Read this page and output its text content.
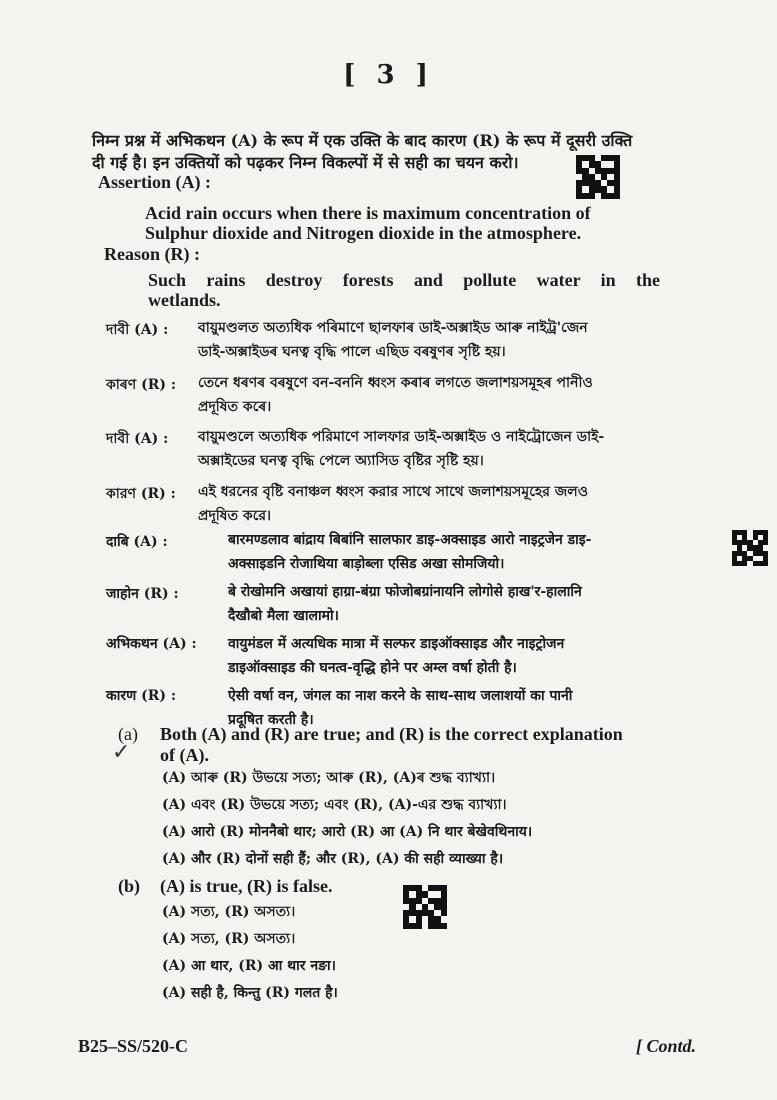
[ 3 ]
निम्न प्रश्न में अभिकथन (A) के रूप में एक उक्ति के बाद कारण (R) के रूप में दूसरी उक्ति
दी गई है। इन उक्तियों को पढ़कर निम्न विकल्पों में से सही का चयन करो।
Assertion (A) :
Acid rain occurs when there is maximum concentration of
Sulphur dioxide and Nitrogen dioxide in the atmosphere.
Reason (R) :
Such rains destroy forests and pollute water in the
wetlands.
দাবী (A) : বায়ুমণ্ডলত অত্যধিক পৰিমাণে ছালফাৰ ডাই-অক্সাইড আৰু নাইট্ৰ'জেন
ডাই-অক্সাইডৰ ঘনত্ব বৃদ্ধি পালে এছিড বৰষুণৰ সৃষ্টি হয়।
কাৰণ (R) : তেনে ধৰণৰ বৰষুণে বন-বননি ধ্বংস কৰাৰ লগতে জলাশয়সমূহৰ পানীও
প্ৰদূষিত কৰে।
দাবী (A) : বায়ুমণ্ডলে অত্যধিক পরিমাণে সালফার ডাই-অক্সাইড ও নাইট্রোজেন ডাই-
অক্সাইডের ঘনত্ব বৃদ্ধি পেলে অ্যাসিড বৃষ্টির সৃষ্টি হয়।
কারণ (R) : এই ধরনের বৃষ্টি বনাঞ্চল ধ্বংস করার সাথে সাথে জলাশয়সমূহের জলও
প্রদূষিত করে।
दाबि (A) :	बारमण्डलाव बांद्राय बिबांनि सालफार डाइ-अक्साइड आरो नाइट्रजेन डाइ-
अक्साइडनि रोजाथिया बाड़ोब्ला एसिड अखा सोमजियो।
जाहोन (R) :	बे रोखोमनि अखायां हाग्रा-बंग्रा फोजोबग्रांनायनि लोगोसे हाख'र-हालानि
दैखौबो मैला खालामो।
अभिकथन (A) : वायुमंडल में अत्यधिक मात्रा में सल्फर डाइऑक्साइड और नाइट्रोजन
डाइऑक्साइड की घनत्व-वृद्धि होने पर अम्ल वर्षा होती है।
कारण (R) :	ऐसी वर्षा वन, जंगल का नाश करने के साथ-साथ जलाशयों का पानी
प्रदूषित करती है।
(a)
✓
Both (A) and (R) are true; and (R) is the correct explanation
of (A).
(A) আৰু (R) উভয়ে সত্য; আৰু (R), (A)ৰ শুদ্ধ ব্যাখ্যা।
(A) এবং (R) উভয়ে সত্য; এবং (R), (A)-এর শুদ্ধ ব্যাখ্যা।
(A) आरो (R) मोननैबो थार; आरो (R) आ (A) नि थार बेखेवथिनाय।
(A) और (R) दोनों सही हैं; और (R), (A) की सही व्याख्या है।
(b) (A) is true, (R) is false.
(A) সত্য, (R) অসত্য।
(A) সত্য, (R) অসত্য।
(A) आ थार, (R) आ थार नङा।
(A) सही है, किन्तु (R) गलत है।
B25–SS/520-C	[ Contd.
